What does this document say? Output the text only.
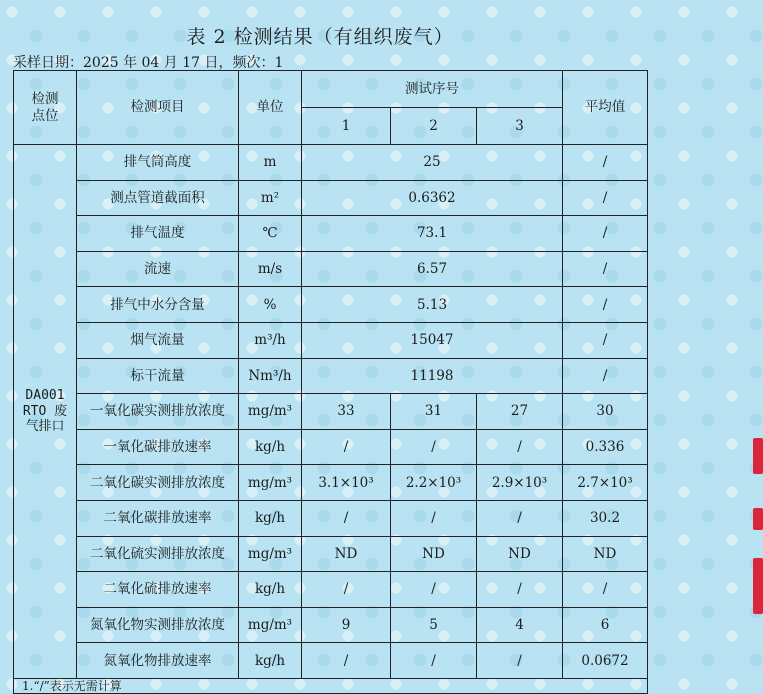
表 2 检测结果（有组织废气）
采样日期：2025 年 04 月 17 日，频次：1
检测
点位	检测项目	单位	测试序号			平均值
			1	2	3	
DA001
RTO 废
气排口	排气筒高度	m	25			/
	测点管道截面积	m²	0.6362			/
	排气温度	℃	73.1			/
	流速	m/s	6.57			/
	排气中水分含量	%	5.13			/
	烟气流量	m³/h	15047			/
	标干流量	Nm³/h	11198			/
	一氧化碳实测排放浓度	mg/m³	33	31	27	30
	一氧化碳排放速率	kg/h	/	/	/	0.336
	二氧化碳实测排放浓度	mg/m³	3.1×10³	2.2×10³	2.9×10³	2.7×10³
	二氧化碳排放速率	kg/h	/	/	/	30.2
	二氧化硫实测排放浓度	mg/m³	ND	ND	ND	ND
	二氧化硫排放速率	kg/h	/	/	/	/
	氮氧化物实测排放浓度	mg/m³	9	5	4	6
	氮氧化物排放速率	kg/h	/	/	/	0.0672
1.“/”表示无需计算						
